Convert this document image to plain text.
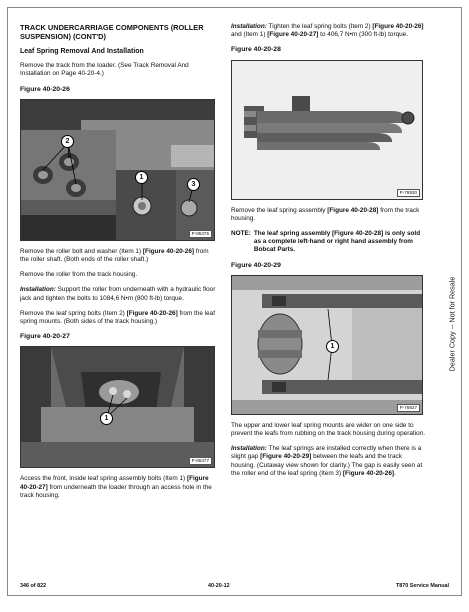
TRACK UNDERCARRIAGE COMPONENTS (ROLLER SUSPENSION) (CONT'D)
Leaf Spring Removal And Installation

Remove the track from the loader. (See Track Removal And Installation on Page 40-20-4.)

Figure 40-20-26
2
1
3
P-85375

Remove the roller bolt and washer (Item 1) [Figure 40-20-26] from the roller shaft. (Both ends of the roller shaft.)

Remove the roller from the track housing.

Installation: Support the roller from underneath with a hydraulic floor jack and tighten the bolts to 1084,6 N•m (800 ft-lb) torque.

Remove the leaf spring bolts (Item 2) [Figure 40-20-26] from the leaf spring mounts. (Both sides of the track housing.)

Figure 40-20-27
1
P-85377

Access the front, inside leaf spring assembly bolts (Item 1) [Figure 40-20-27] from underneath the loader through an access hole in the track housing.

Installation: Tighten the leaf spring bolts (Item 2) [Figure 40-20-26] and (Item 1) [Figure 40-20-27] to 406,7 N•m (300 ft-lb) torque.

Figure 40-20-28
P-76930

Remove the leaf spring assembly [Figure 40-20-28] from the track housing.

NOTE: The leaf spring assembly [Figure 40-20-28] is only sold as a complete left-hand or right hand assembly from Bobcat Parts.
Figure 40-20-29
1
P-76927

The upper and lower leaf spring mounts are wider on one side to prevent the leafs from rubbing on the track housing during operation.

Installation: The leaf springs are installed correctly when there is a slight gap [Figure 40-20-29] between the leafs and the track housing. (Cutaway view shown for clarity.) The gap is easily seen at the roller end of the leaf spring (Item 3) [Figure 40-20-26].

Dealer Copy -- Not for Resale
346 of 822	40-20-12	T870 Service Manual
